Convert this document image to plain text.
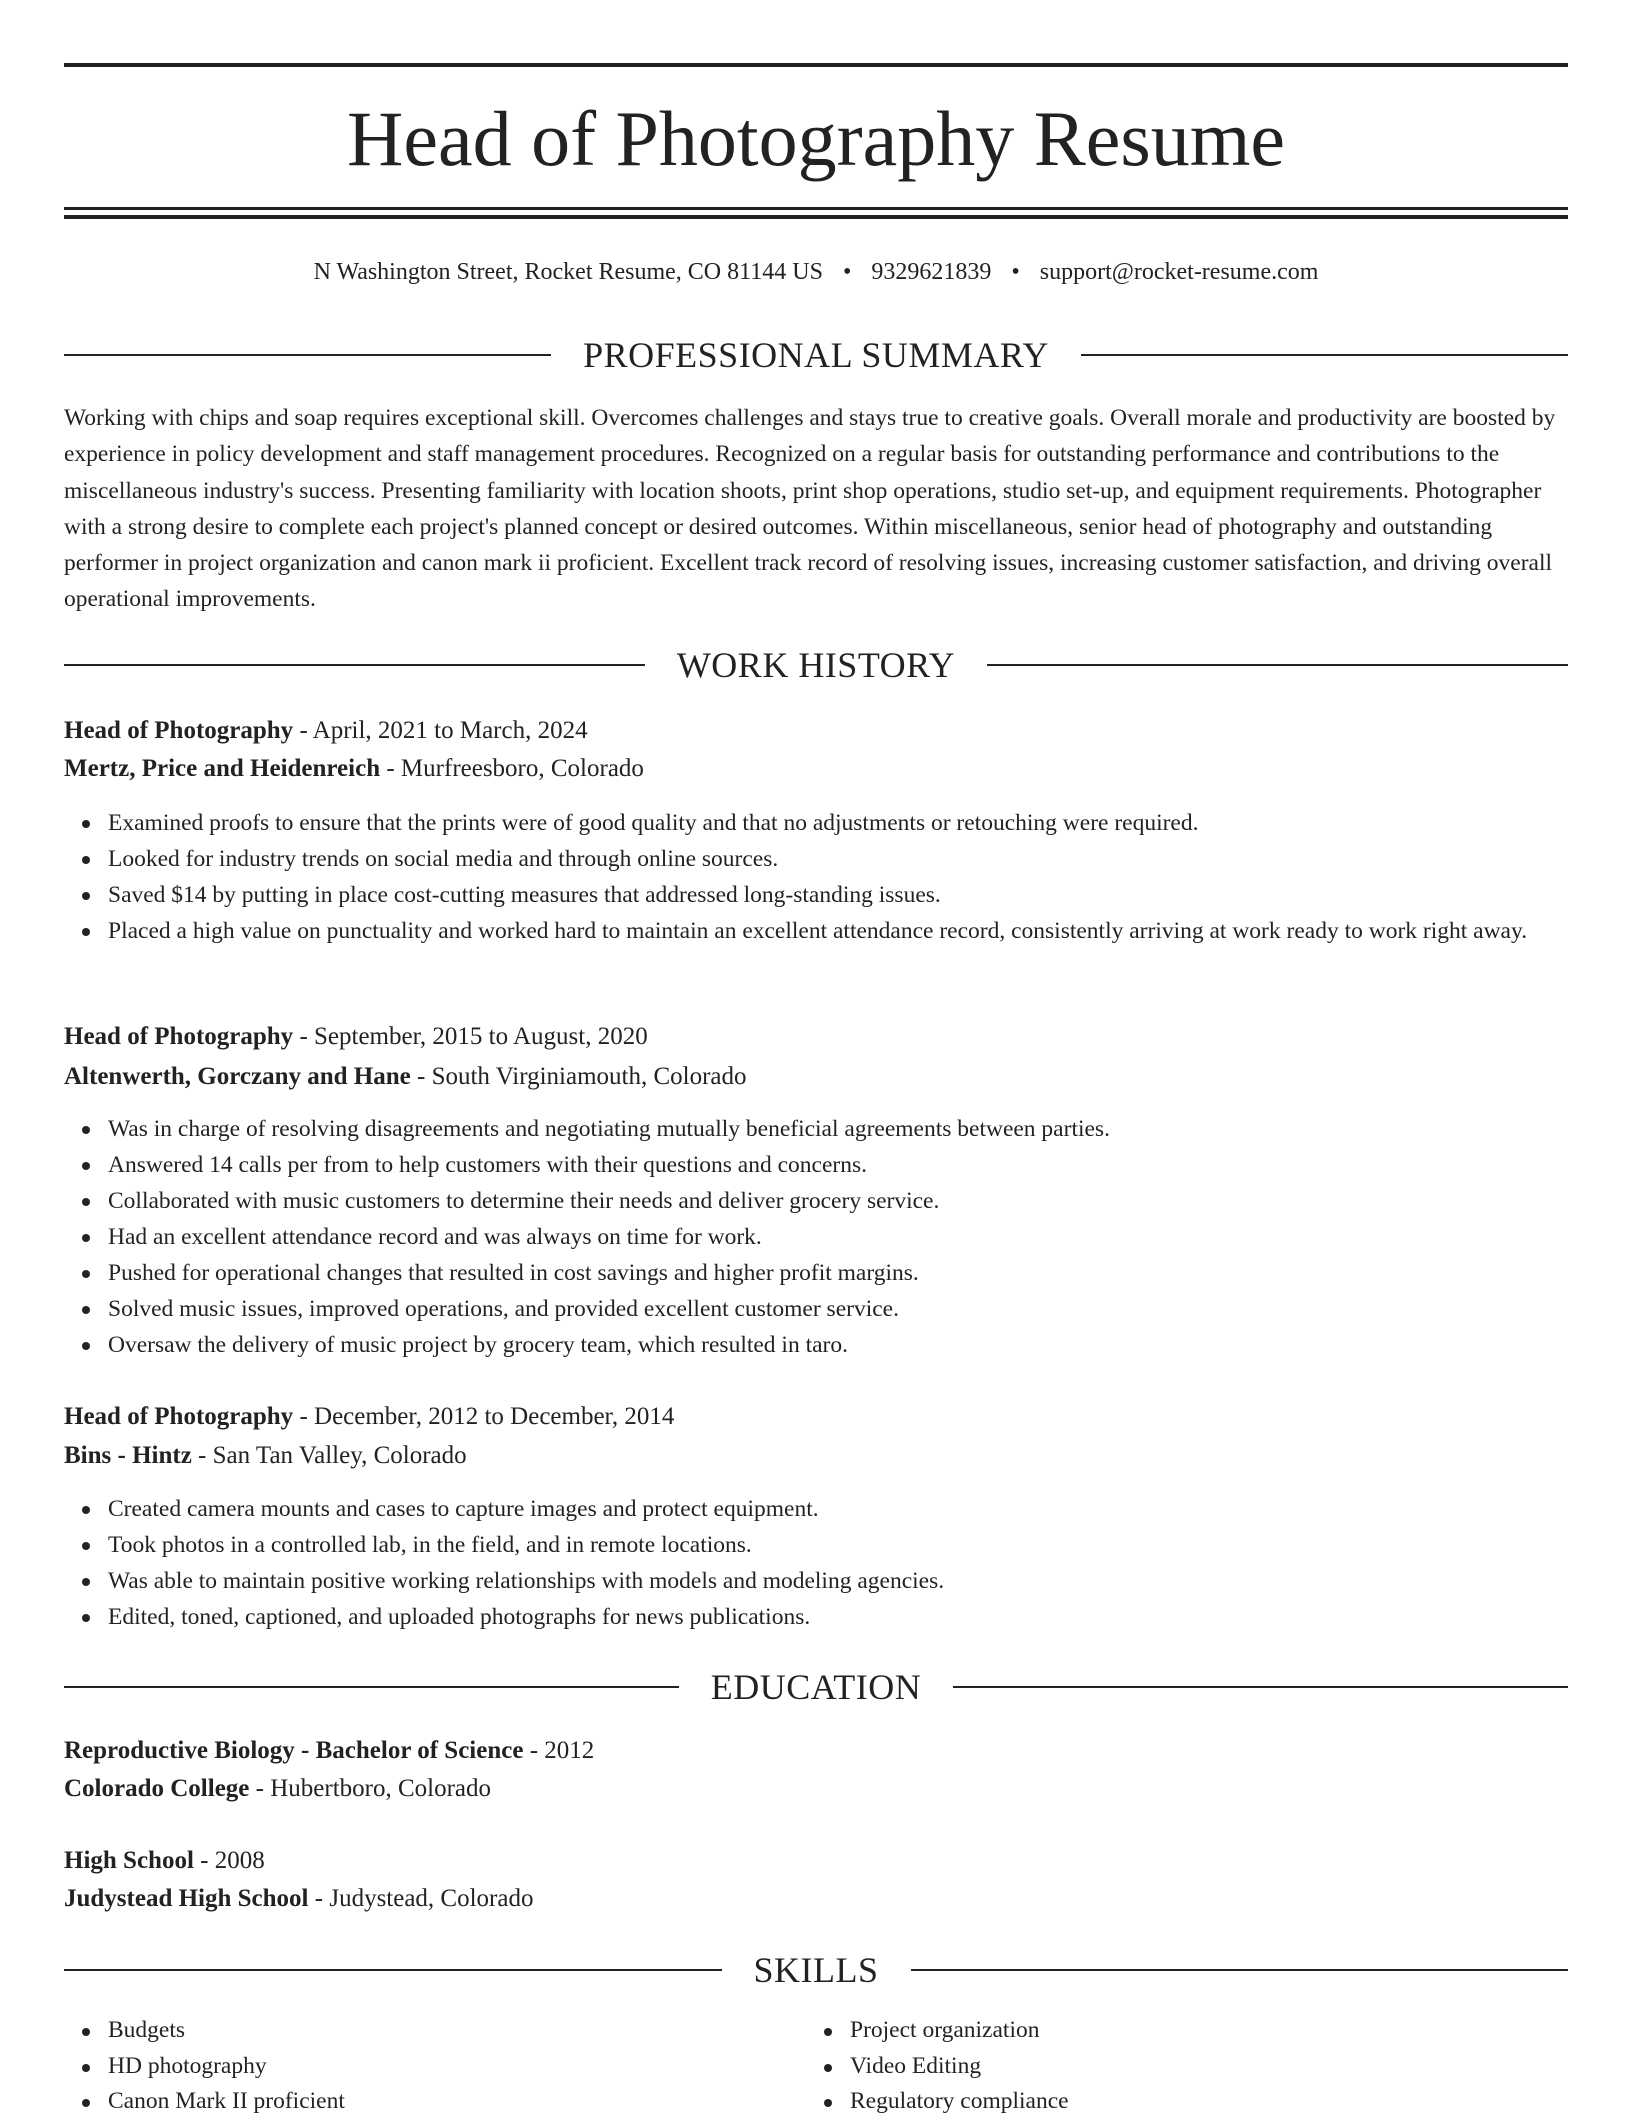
Head of Photography Resume
N Washington Street, Rocket Resume, CO 81144 US • 9329621839 • support@rocket-resume.com
PROFESSIONAL SUMMARY

Working with chips and soap requires exceptional skill. Overcomes challenges and stays true to creative goals. Overall morale and productivity are boosted by experience in policy development and staff management procedures. Recognized on a regular basis for outstanding performance and contributions to the miscellaneous industry's success. Presenting familiarity with location shoots, print shop operations, studio set-up, and equipment requirements. Photographer with a strong desire to complete each project's planned concept or desired outcomes. Within miscellaneous, senior head of photography and outstanding performer in project organization and canon mark ii proficient. Excellent track record of resolving issues, increasing customer satisfaction, and driving overall operational improvements.

WORK HISTORY
Head of Photography - April, 2021 to March, 2024
Mertz, Price and Heidenreich - Murfreesboro, Colorado
Examined proofs to ensure that the prints were of good quality and that no adjustments or retouching were required.
Looked for industry trends on social media and through online sources.
Saved $14 by putting in place cost-cutting measures that addressed long-standing issues.
Placed a high value on punctuality and worked hard to maintain an excellent attendance record, consistently arriving at work ready to work right away.
Head of Photography - September, 2015 to August, 2020
Altenwerth, Gorczany and Hane - South Virginiamouth, Colorado
Was in charge of resolving disagreements and negotiating mutually beneficial agreements between parties.
Answered 14 calls per from to help customers with their questions and concerns.
Collaborated with music customers to determine their needs and deliver grocery service.
Had an excellent attendance record and was always on time for work.
Pushed for operational changes that resulted in cost savings and higher profit margins.
Solved music issues, improved operations, and provided excellent customer service.
Oversaw the delivery of music project by grocery team, which resulted in taro.
Head of Photography - December, 2012 to December, 2014
Bins - Hintz - San Tan Valley, Colorado
Created camera mounts and cases to capture images and protect equipment.
Took photos in a controlled lab, in the field, and in remote locations.
Was able to maintain positive working relationships with models and modeling agencies.
Edited, toned, captioned, and uploaded photographs for news publications.
EDUCATION
Reproductive Biology - Bachelor of Science - 2012
Colorado College - Hubertboro, Colorado
High School - 2008
Judystead High School - Judystead, Colorado
SKILLS
Budgets
HD photography
Canon Mark II proficient
Project organization
Video Editing
Regulatory compliance
